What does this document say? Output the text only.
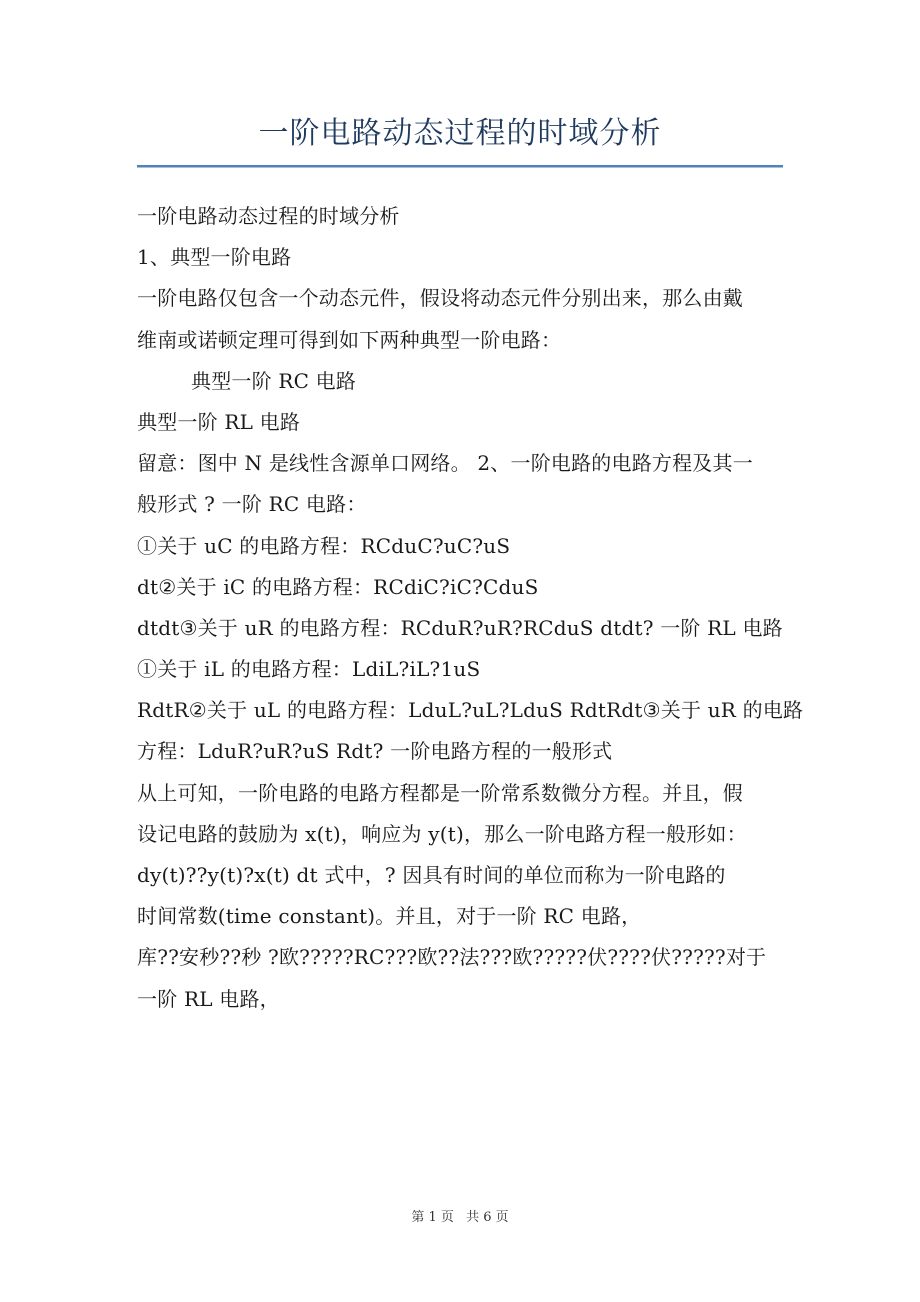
一阶电路动态过程的时域分析
一阶电路动态过程的时域分析
1、典型一阶电路
一阶电路仅包含一个动态元件，假设将动态元件分别出来，那么由戴
维南或诺顿定理可得到如下两种典型一阶电路：
典型一阶 RC 电路
典型一阶 RL 电路
留意：图中 N 是线性含源单口网络。 2、一阶电路的电路方程及其一
般形式 ? 一阶 RC 电路：
①关于 uC 的电路方程：RCduC?uC?uS
dt②关于 iC 的电路方程：RCdiC?iC?CduS
dtdt③关于 uR 的电路方程：RCduR?uR?RCduS dtdt? 一阶 RL 电路
①关于 iL 的电路方程：LdiL?iL?1uS
RdtR②关于 uL 的电路方程：LduL?uL?LduS RdtRdt③关于 uR 的电路
方程：LduR?uR?uS Rdt? 一阶电路方程的一般形式
从上可知，一阶电路的电路方程都是一阶常系数微分方程。并且，假
设记电路的鼓励为 x(t)，响应为 y(t)，那么一阶电路方程一般形如：
dy(t)??y(t)?x(t) dt 式中，? 因具有时间的单位而称为一阶电路的
时间常数(time constant)。并且，对于一阶 RC 电路，
库??安秒??秒 ?欧?????RC???欧??法???欧?????伏????伏?????对于
一阶 RL 电路，
第 1 页 共 6 页
